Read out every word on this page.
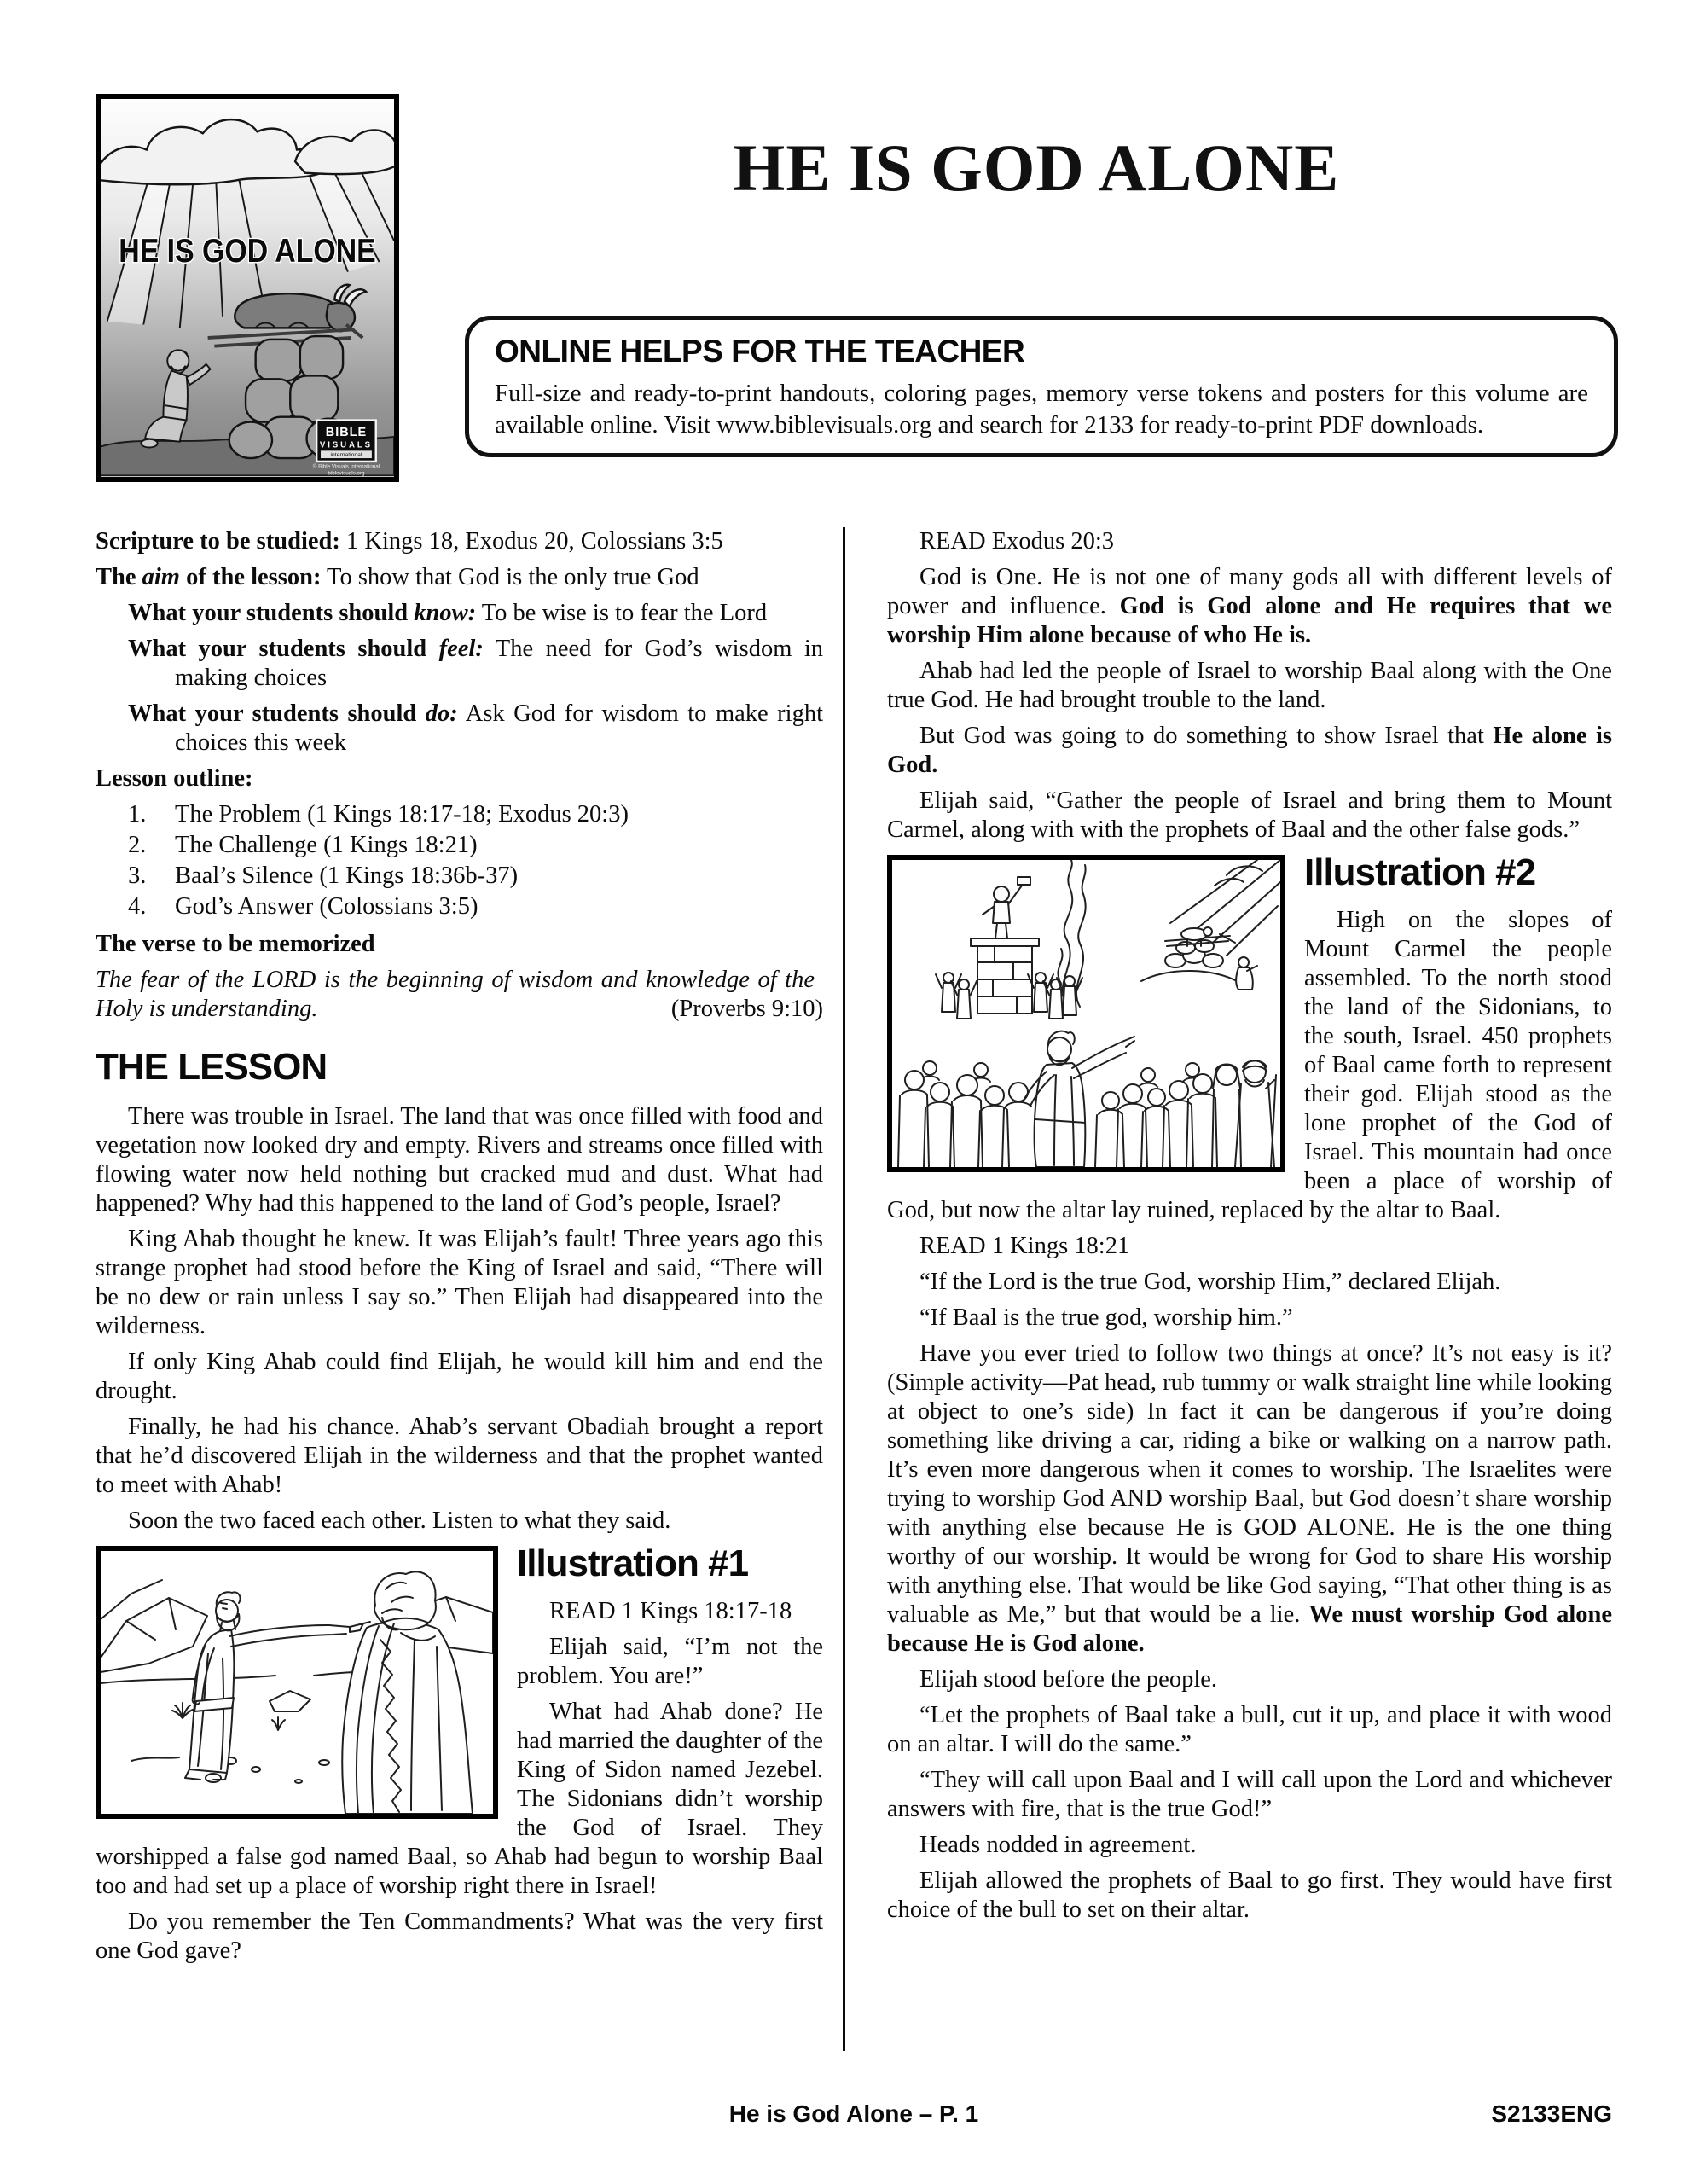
HE IS GOD ALONE
BIBLE
VISUALS
international
© Bible Visuals International
biblevisuals.org
HE IS GOD ALONE
ONLINE HELPS FOR THE TEACHER

Full-size and ready-to-print handouts, coloring pages, memory verse tokens and posters for this volume are available online. Visit www.biblevisuals.org and search for 2133 for ready-to-print PDF downloads.

Scripture to be studied: 1 Kings 18, Exodus 20, Colossians 3:5

The aim of the lesson: To show that God is the only true God

What your students should know: To be wise is to fear the Lord

What your students should feel: The need for God’s wisdom in making choices

What your students should do: Ask God for wisdom to make right choices this week

Lesson outline:

1. The Problem (1 Kings 18:17-18; Exodus 20:3)

2. The Challenge (1 Kings 18:21)

3. Baal’s Silence (1 Kings 18:36b-37)

4. God’s Answer (Colossians 3:5)

The verse to be memorized

The fear of the LORD is the beginning of wisdom and knowledge of the Holy is understanding.	(Proverbs 9:10)

THE LESSON

There was trouble in Israel. The land that was once filled with food and vegetation now looked dry and empty. Rivers and streams once filled with flowing water now held nothing but cracked mud and dust. What had happened? Why had this happened to the land of God’s people, Israel?

King Ahab thought he knew. It was Elijah’s fault! Three years ago this strange prophet had stood before the King of Israel and said, “There will be no dew or rain unless I say so.” Then Elijah had disappeared into the wilderness.

If only King Ahab could find Elijah, he would kill him and end the drought.

Finally, he had his chance. Ahab’s servant Obadiah brought a report that he’d discovered Elijah in the wilderness and that the prophet wanted to meet with Ahab!

Soon the two faced each other. Listen to what they said.

Illustration #1

READ 1 Kings 18:17-18

Elijah said, “I’m not the problem. You are!”

What had Ahab done? He had married the daughter of the King of Sidon named Jezebel. The Sidonians didn’t worship the God of Israel. They worshipped a false god named Baal, so Ahab had begun to worship Baal too and had set up a place of worship right there in Israel!

Do you remember the Ten Commandments? What was the very first one God gave?

READ Exodus 20:3

God is One. He is not one of many gods all with different levels of power and influence. God is God alone and He requires that we worship Him alone because of who He is.

Ahab had led the people of Israel to worship Baal along with the One true God. He had brought trouble to the land.

But God was going to do something to show Israel that He alone is God.

Elijah said, “Gather the people of Israel and bring them to Mount Carmel, along with with the prophets of Baal and the other false gods.”

Illustration #2

High on the slopes of Mount Carmel the people assembled. To the north stood the land of the Sidonians, to the south, Israel. 450 prophets of Baal came forth to represent their god. Elijah stood as the lone prophet of the God of Israel. This mountain had once been a place of worship of God, but now the altar lay ruined, replaced by the altar to Baal.

READ 1 Kings 18:21

“If the Lord is the true God, worship Him,” declared Elijah.

“If Baal is the true god, worship him.”

Have you ever tried to follow two things at once? It’s not easy is it? (Simple activity—Pat head, rub tummy or walk straight line while looking at object to one’s side) In fact it can be dangerous if you’re doing something like driving a car, riding a bike or walking on a narrow path. It’s even more dangerous when it comes to worship. The Israelites were trying to worship God AND worship Baal, but God doesn’t share worship with anything else because He is GOD ALONE. He is the one thing worthy of our worship. It would be wrong for God to share His worship with anything else. That would be like God saying, “That other thing is as valuable as Me,” but that would be a lie. We must worship God alone because He is God alone.

Elijah stood before the people.

“Let the prophets of Baal take a bull, cut it up, and place it with wood on an altar. I will do the same.”

“They will call upon Baal and I will call upon the Lord and whichever answers with fire, that is the true God!”

Heads nodded in agreement.

Elijah allowed the prophets of Baal to go first. They would have first choice of the bull to set on their altar.

He is God Alone – P. 1	S2133ENG
